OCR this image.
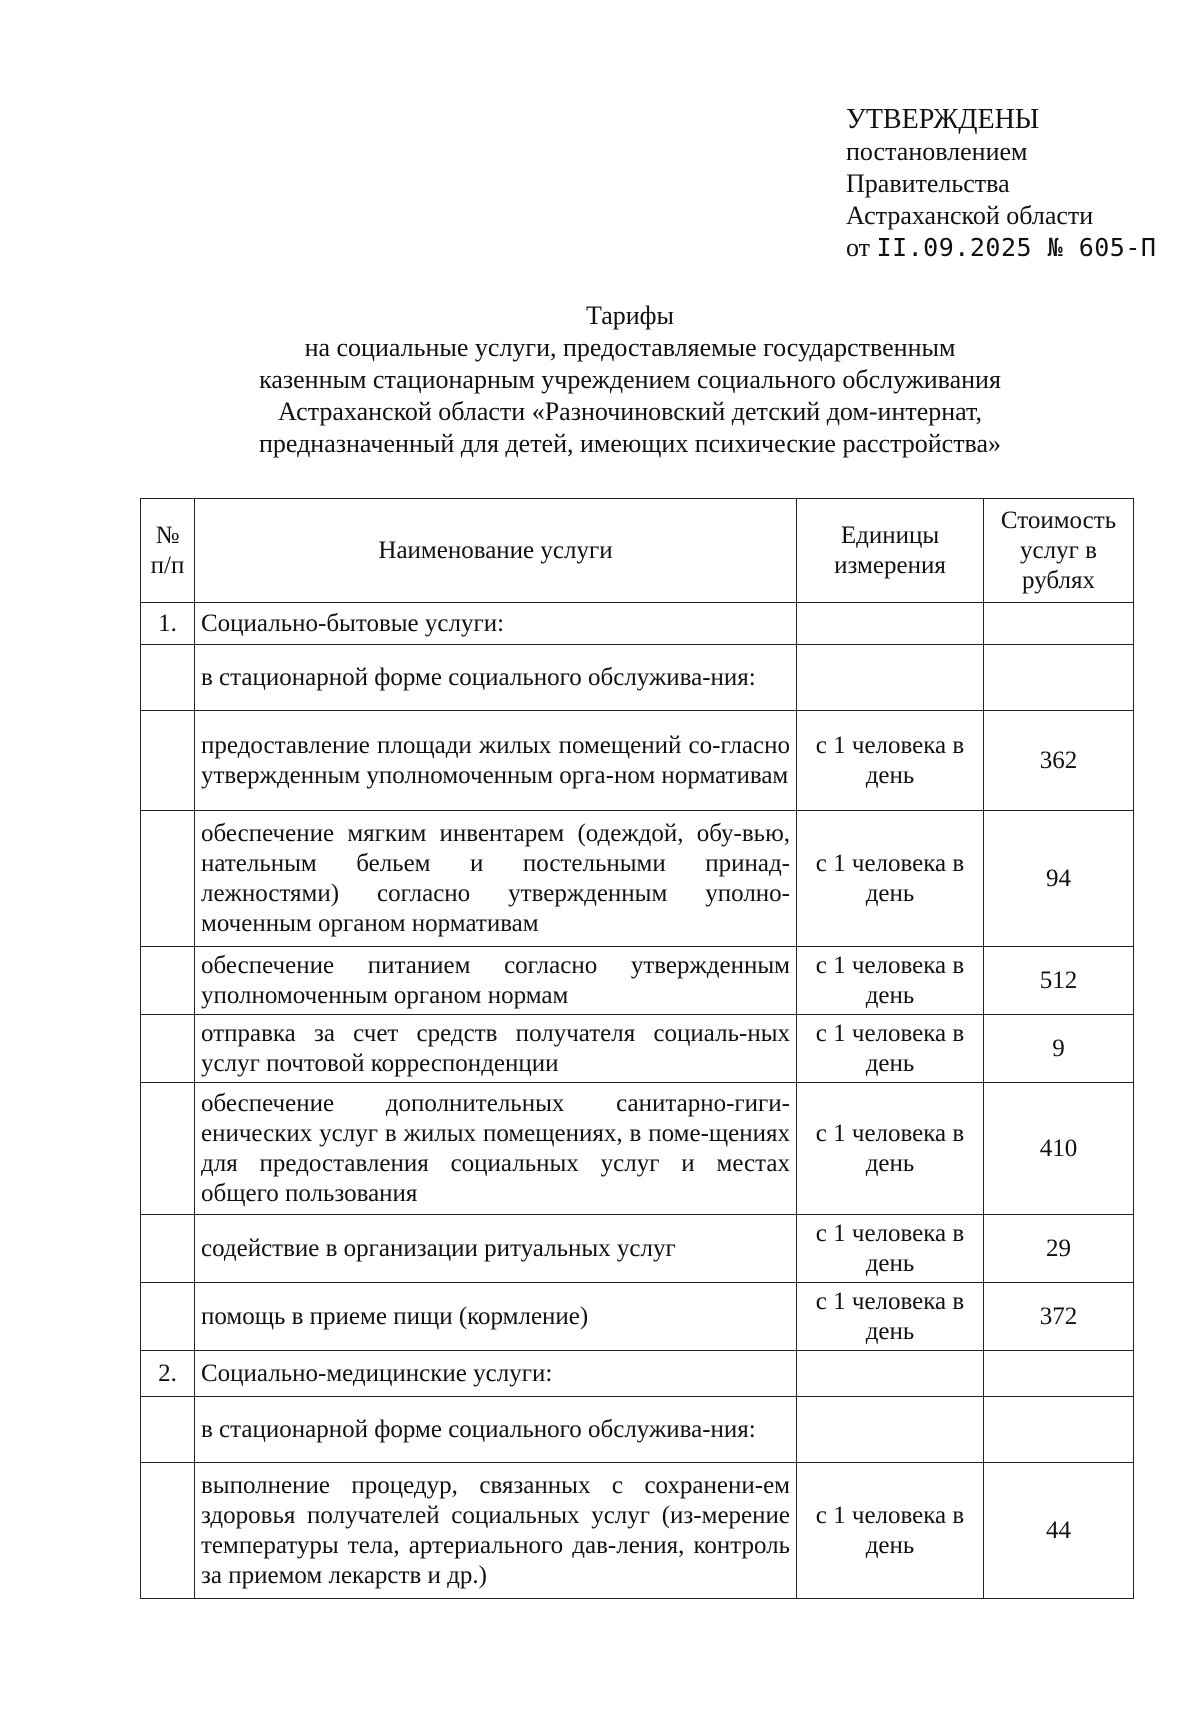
УТВЕРЖДЕНЫ
постановлением
Правительства
Астраханской области
от II.09.2025 № 605-П
Тарифы
на социальные услуги, предоставляемые государственным
казенным стационарным учреждением социального обслуживания
Астраханской области «Разночиновский детский дом-интернат,
предназначенный для детей, имеющих психические расстройства»
№ п/п	Наименование услуги	Единицы измерения	Стоимость услуг в рублях
1.	Социально-бытовые услуги:		
	в стационарной форме социального обслужива-ния:		
	предоставление площади жилых помещений со-гласно утвержденным уполномоченным орга-ном нормативам	с 1 человека в день	362
	обеспечение мягким инвентарем (одеждой, обу-вью, нательным бельем и постельными принад-лежностями) согласно утвержденным уполно-моченным органом нормативам	с 1 человека в день	94
	обеспечение питанием согласно утвержденным уполномоченным органом нормам	с 1 человека в день	512
	отправка за счет средств получателя социаль-ных услуг почтовой корреспонденции	с 1 человека в день	9
	обеспечение дополнительных санитарно-гиги-енических услуг в жилых помещениях, в поме-щениях для предоставления социальных услуг и местах общего пользования	с 1 человека в день	410
	содействие в организации ритуальных услуг	с 1 человека в день	29
	помощь в приеме пищи (кормление)	с 1 человека в день	372
2.	Социально-медицинские услуги:		
	в стационарной форме социального обслужива-ния:		
	выполнение процедур, связанных с сохранени-ем здоровья получателей социальных услуг (из-мерение температуры тела, артериального дав-ления, контроль за приемом лекарств и др.)	с 1 человека в день	44
